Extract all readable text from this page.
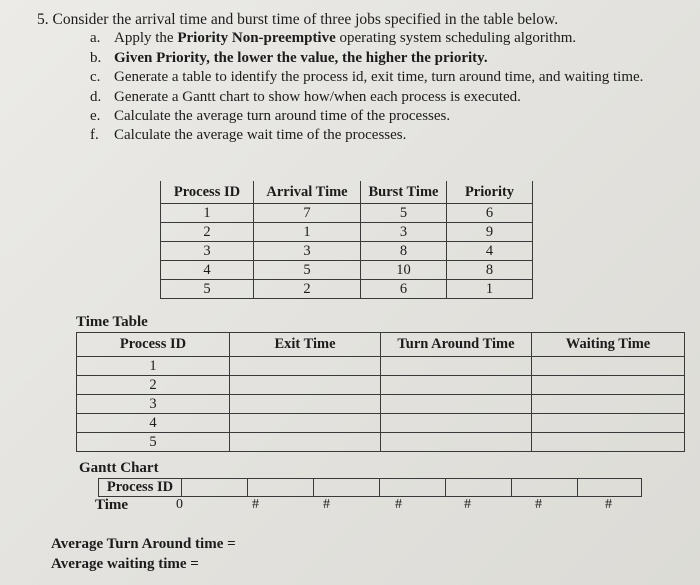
5. Consider the arrival time and burst time of three jobs specified in the table below.
a. Apply the Priority Non-preemptive operating system scheduling algorithm.
b. Given Priority, the lower the value, the higher the priority.
c. Generate a table to identify the process id, exit time, turn around time, and waiting time.
d. Generate a Gantt chart to show how/when each process is executed.
e. Calculate the average turn around time of the processes.
f. Calculate the average wait time of the processes.
Process ID	Arrival Time	Burst Time	Priority
1	7	5	6
2	1	3	9
3	3	8	4
4	5	10	8
5	2	6	1
Time Table
Process ID	Exit Time	Turn Around Time	Waiting Time
1			
2			
3			
4			
5			
Gantt Chart
Process ID							
Time	0	#	#	#	#	#	#
Average Turn Around time =
Average waiting time =
